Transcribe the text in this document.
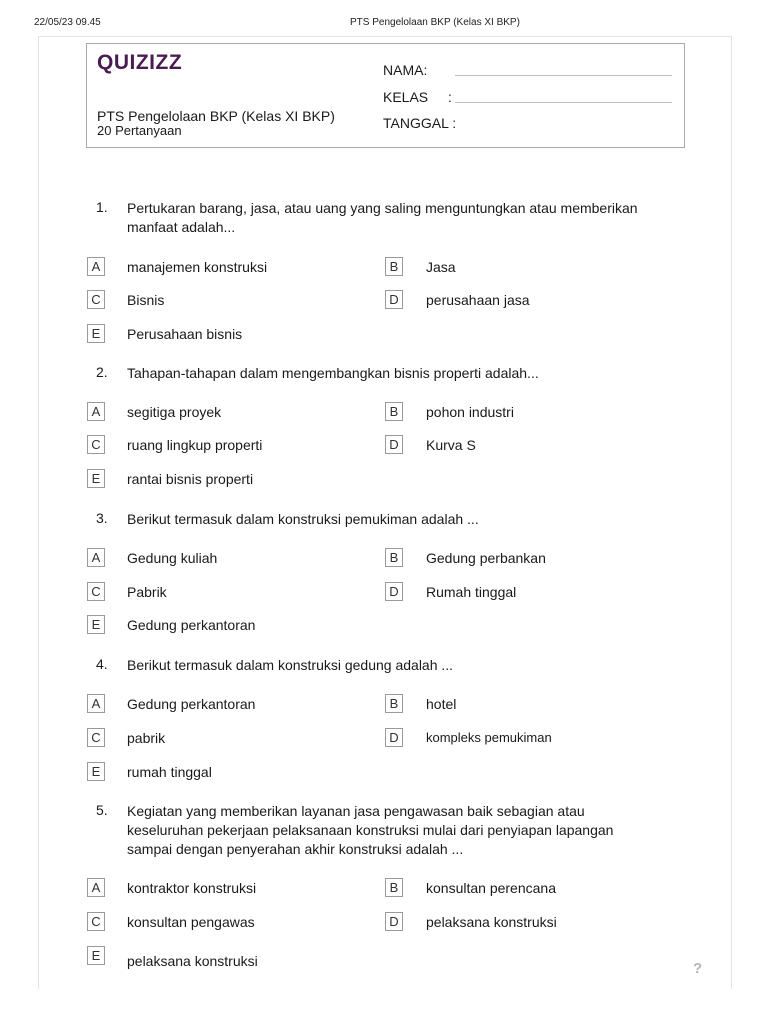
22/05/23 09.45	PTS Pengelolaan BKP (Kelas XI BKP)
QUIZIZZ
PTS Pengelolaan BKP (Kelas XI BKP)
20 Pertanyaan
NAMA:
KELAS :
TANGGAL :
1. Pertukaran barang, jasa, atau uang yang saling menguntungkan atau memberikan manfaat adalah...
A	manajemen konstruksi	B	Jasa
C	Bisnis	D	perusahaan jasa
E	Perusahaan bisnis
2. Tahapan-tahapan dalam mengembangkan bisnis properti adalah...
A	segitiga proyek	B	pohon industri
C	ruang lingkup properti	D	Kurva S
E	rantai bisnis properti
3. Berikut termasuk dalam konstruksi pemukiman adalah ...
A	Gedung kuliah	B	Gedung perbankan
C	Pabrik	D	Rumah tinggal
E	Gedung perkantoran
4. Berikut termasuk dalam konstruksi gedung adalah ...
A	Gedung perkantoran	B	hotel
C	pabrik	D	kompleks pemukiman
E	rumah tinggal
5. Kegiatan yang memberikan layanan jasa pengawasan baik sebagian atau keseluruhan pekerjaan pelaksanaan konstruksi mulai dari penyiapan lapangan sampai dengan penyerahan akhir konstruksi adalah ...
A	kontraktor konstruksi	B	konsultan perencana
C	konsultan pengawas	D	pelaksana konstruksi
E	pelaksana konstruksi	?
